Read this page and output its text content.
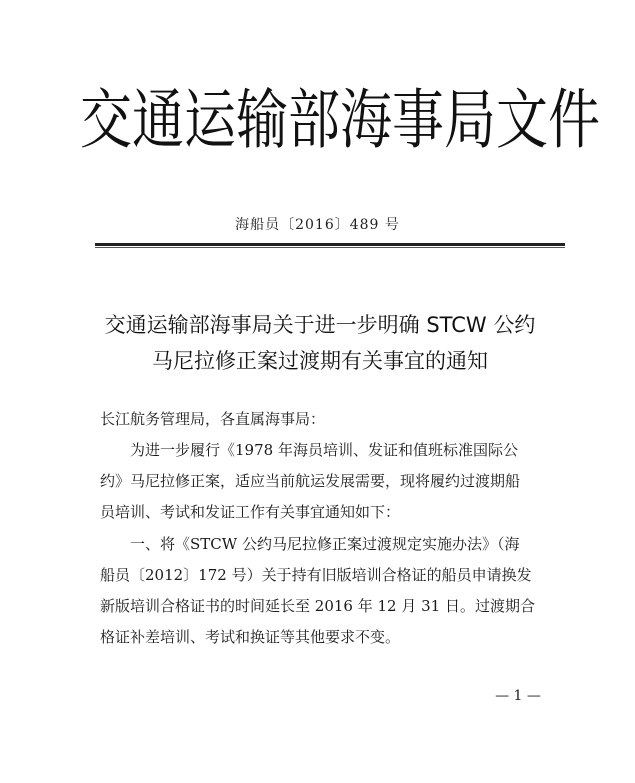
交通运输部海事局文件
海船员〔2016〕489 号
交通运输部海事局关于进一步明确 STCW 公约
马尼拉修正案过渡期有关事宜的通知
长江航务管理局，各直属海事局：
为进一步履行《1978 年海员培训、发证和值班标准国际公
约》马尼拉修正案，适应当前航运发展需要，现将履约过渡期船
员培训、考试和发证工作有关事宜通知如下：
一、将《STCW 公约马尼拉修正案过渡规定实施办法》（海
船员〔2012〕172 号）关于持有旧版培训合格证的船员申请换发
新版培训合格证书的时间延长至 2016 年 12 月 31 日。过渡期合
格证补差培训、考试和换证等其他要求不变。
— 1 —
